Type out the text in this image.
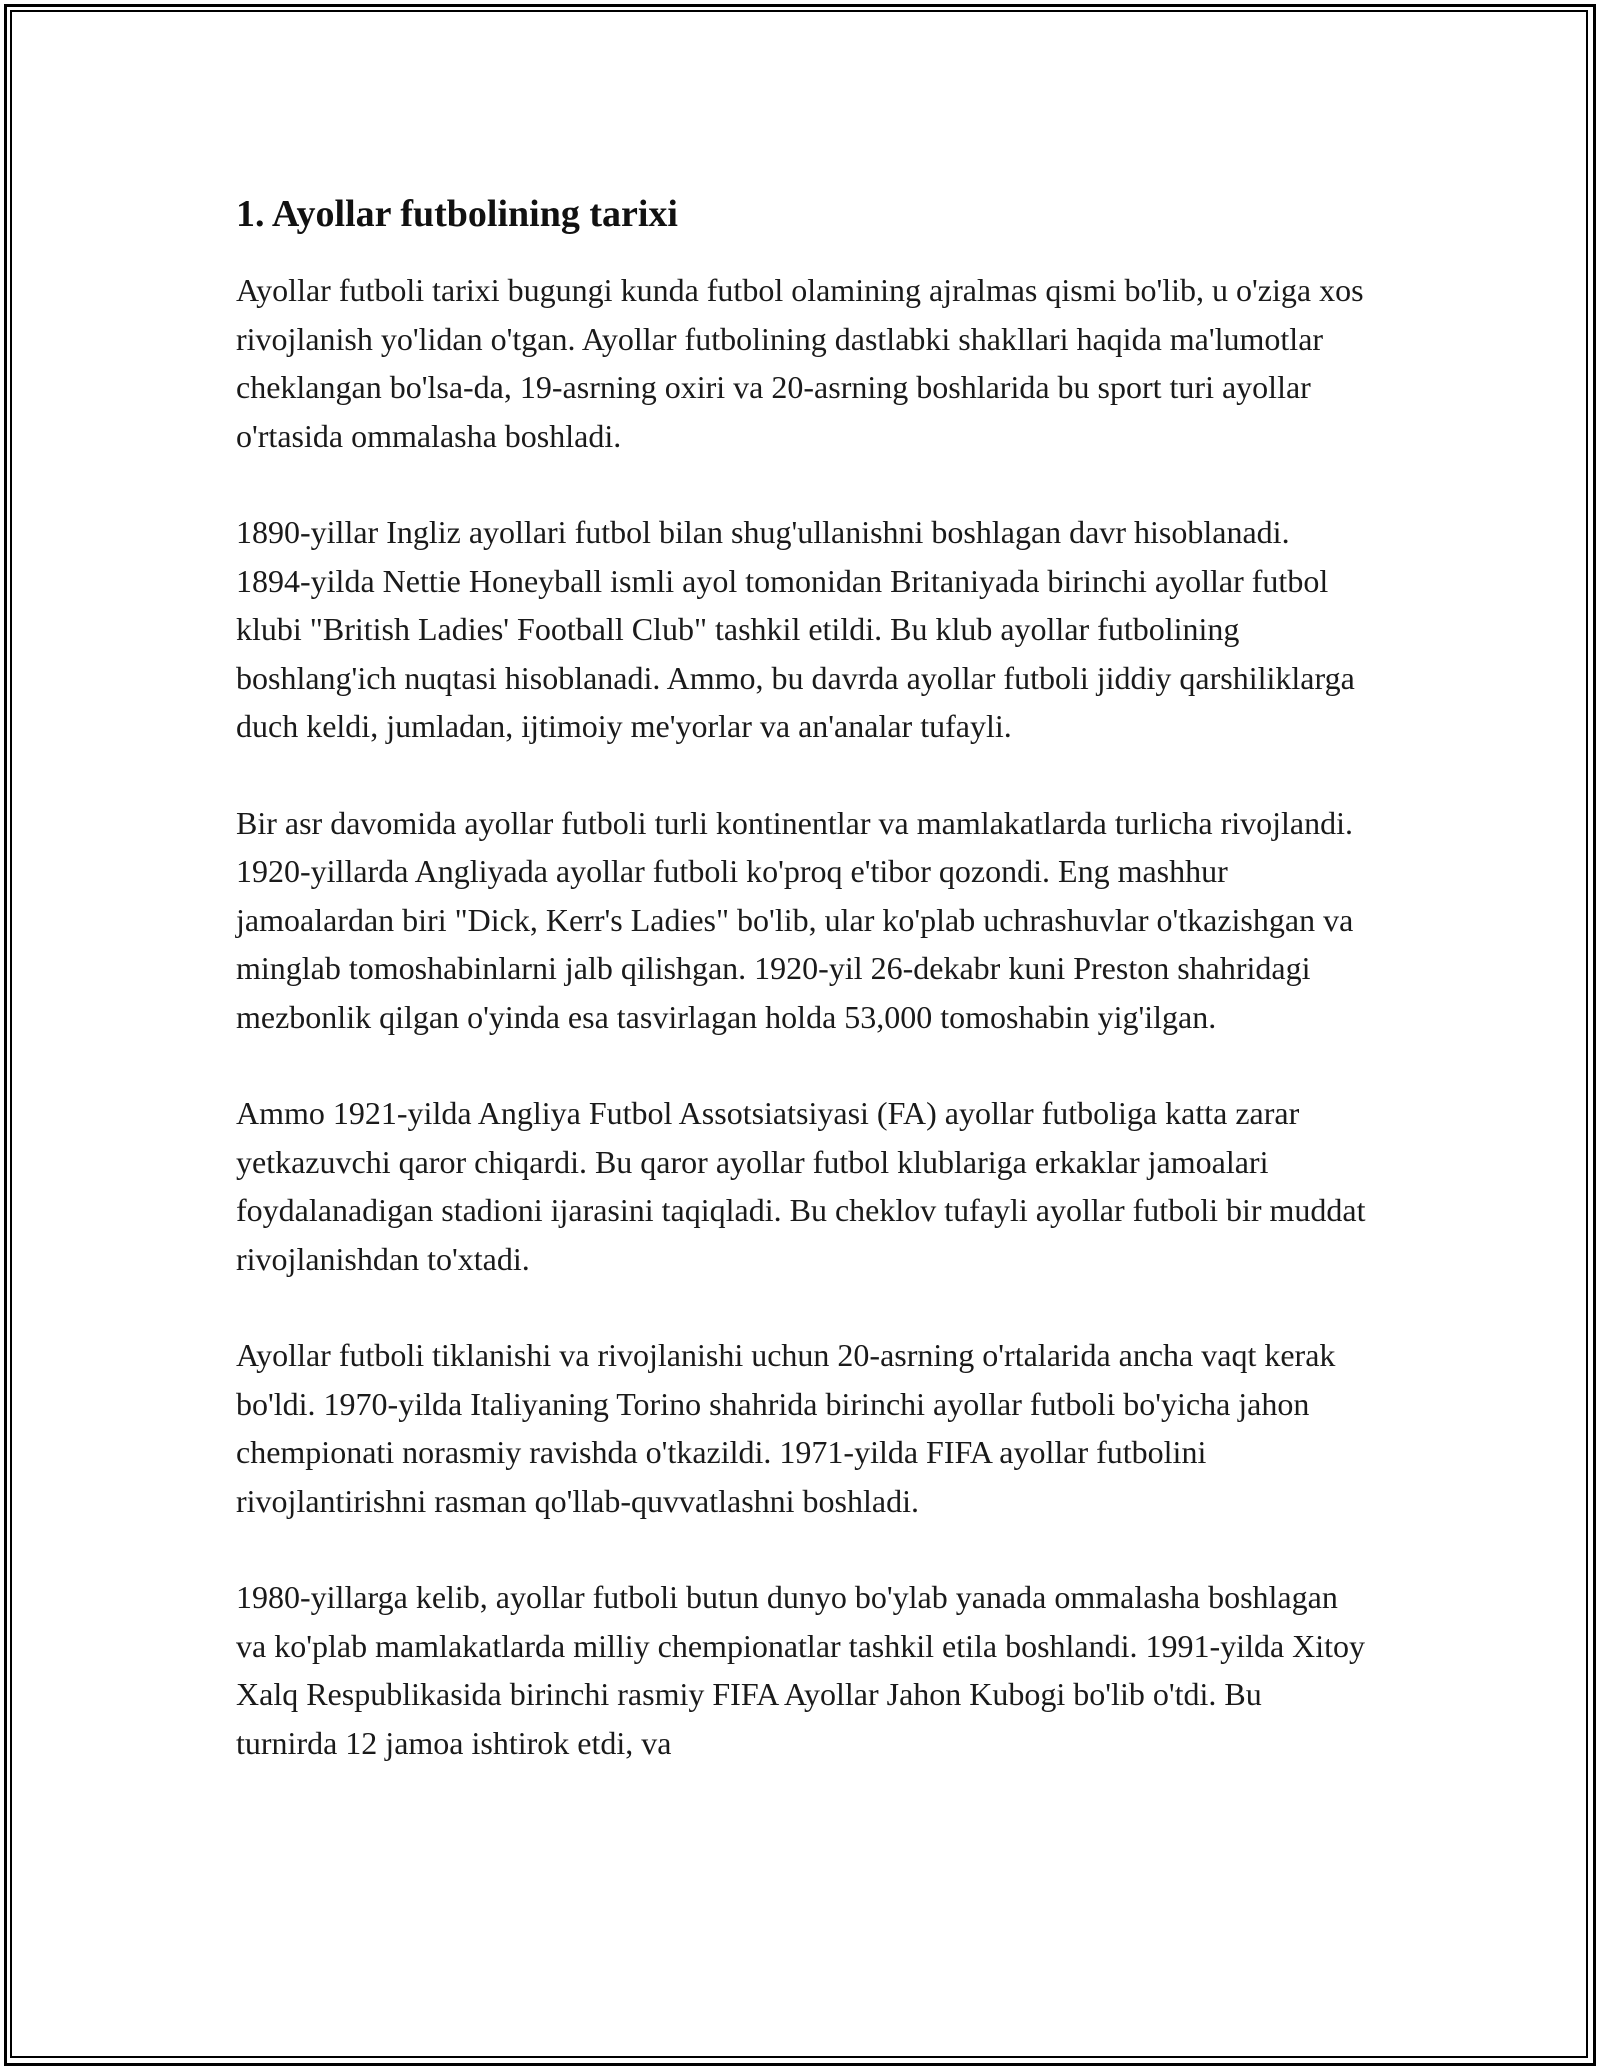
1. Ayollar futbolining tarixi

Ayollar futboli tarixi bugungi kunda futbol olamining ajralmas qismi bo'lib, u o'ziga xos rivojlanish yo'lidan o'tgan. Ayollar futbolining dastlabki shakllari haqida ma'lumotlar cheklangan bo'lsa-da, 19-asrning oxiri va 20-asrning boshlarida bu sport turi ayollar o'rtasida ommalasha boshladi.

1890-yillar Ingliz ayollari futbol bilan shug'ullanishni boshlagan davr hisoblanadi. 1894-yilda Nettie Honeyball ismli ayol tomonidan Britaniyada birinchi ayollar futbol klubi "British Ladies' Football Club" tashkil etildi. Bu klub ayollar futbolining boshlang'ich nuqtasi hisoblanadi. Ammo, bu davrda ayollar futboli jiddiy qarshiliklarga duch keldi, jumladan, ijtimoiy me'yorlar va an'analar tufayli.

Bir asr davomida ayollar futboli turli kontinentlar va mamlakatlarda turlicha rivojlandi. 1920-yillarda Angliyada ayollar futboli ko'proq e'tibor qozondi. Eng mashhur jamoalardan biri "Dick, Kerr's Ladies" bo'lib, ular ko'plab uchrashuvlar o'tkazishgan va minglab tomoshabinlarni jalb qilishgan. 1920-yil 26-dekabr kuni Preston shahridagi mezbonlik qilgan o'yinda esa tasvirlagan holda 53,000 tomoshabin yig'ilgan.

Ammo 1921-yilda Angliya Futbol Assotsiatsiyasi (FA) ayollar futboliga katta zarar yetkazuvchi qaror chiqardi. Bu qaror ayollar futbol klublariga erkaklar jamoalari foydalanadigan stadioni ijarasini taqiqladi. Bu cheklov tufayli ayollar futboli bir muddat rivojlanishdan to'xtadi.

Ayollar futboli tiklanishi va rivojlanishi uchun 20-asrning o'rtalarida ancha vaqt kerak bo'ldi. 1970-yilda Italiyaning Torino shahrida birinchi ayollar futboli bo'yicha jahon chempionati norasmiy ravishda o'tkazildi. 1971-yilda FIFA ayollar futbolini rivojlantirishni rasman qo'llab-quvvatlashni boshladi.

1980-yillarga kelib, ayollar futboli butun dunyo bo'ylab yanada ommalasha boshlagan va ko'plab mamlakatlarda milliy chempionatlar tashkil etila boshlandi. 1991-yilda Xitoy Xalq Respublikasida birinchi rasmiy FIFA Ayollar Jahon Kubogi bo'lib o'tdi. Bu turnirda 12 jamoa ishtirok etdi, va
